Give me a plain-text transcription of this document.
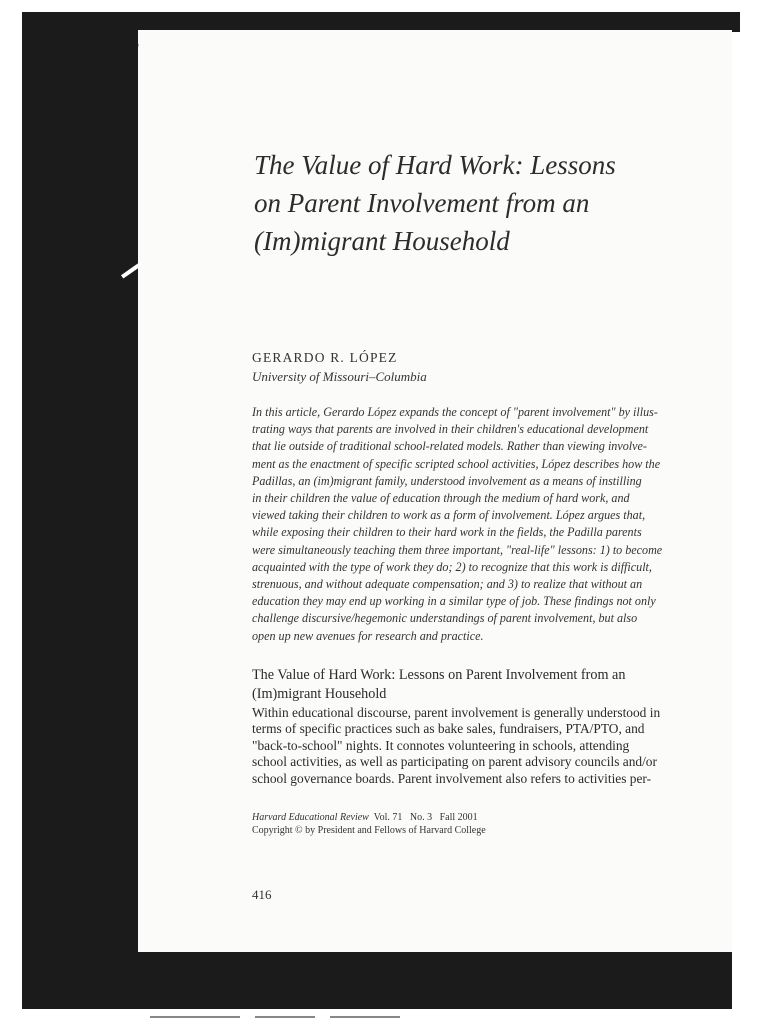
The Value of Hard Work: Lessons
on Parent Involvement from an
(Im)migrant Household
GERARDO R. LÓPEZ
University of Missouri–Columbia
In this article, Gerardo López expands the concept of "parent involvement" by illus-
trating ways that parents are involved in their children's educational development
that lie outside of traditional school-related models. Rather than viewing involve-
ment as the enactment of specific scripted school activities, López describes how the
Padillas, an (im)migrant family, understood involvement as a means of instilling
in their children the value of education through the medium of hard work, and
viewed taking their children to work as a form of involvement. López argues that,
while exposing their children to their hard work in the fields, the Padilla parents
were simultaneously teaching them three important, "real-life" lessons: 1) to become
acquainted with the type of work they do; 2) to recognize that this work is difficult,
strenuous, and without adequate compensation; and 3) to realize that without an
education they may end up working in a similar type of job. These findings not only
challenge discursive/hegemonic understandings of parent involvement, but also
open up new avenues for research and practice.
The Value of Hard Work: Lessons on Parent Involvement from an
(Im)migrant Household
Within educational discourse, parent involvement is generally understood in
terms of specific practices such as bake sales, fundraisers, PTA/PTO, and
"back-to-school" nights. It connotes volunteering in schools, attending
school activities, as well as participating on parent advisory councils and/or
school governance boards. Parent involvement also refers to activities per-
Harvard Educational Review Vol. 71 No. 3 Fall 2001
Copyright © by President and Fellows of Harvard College
416
